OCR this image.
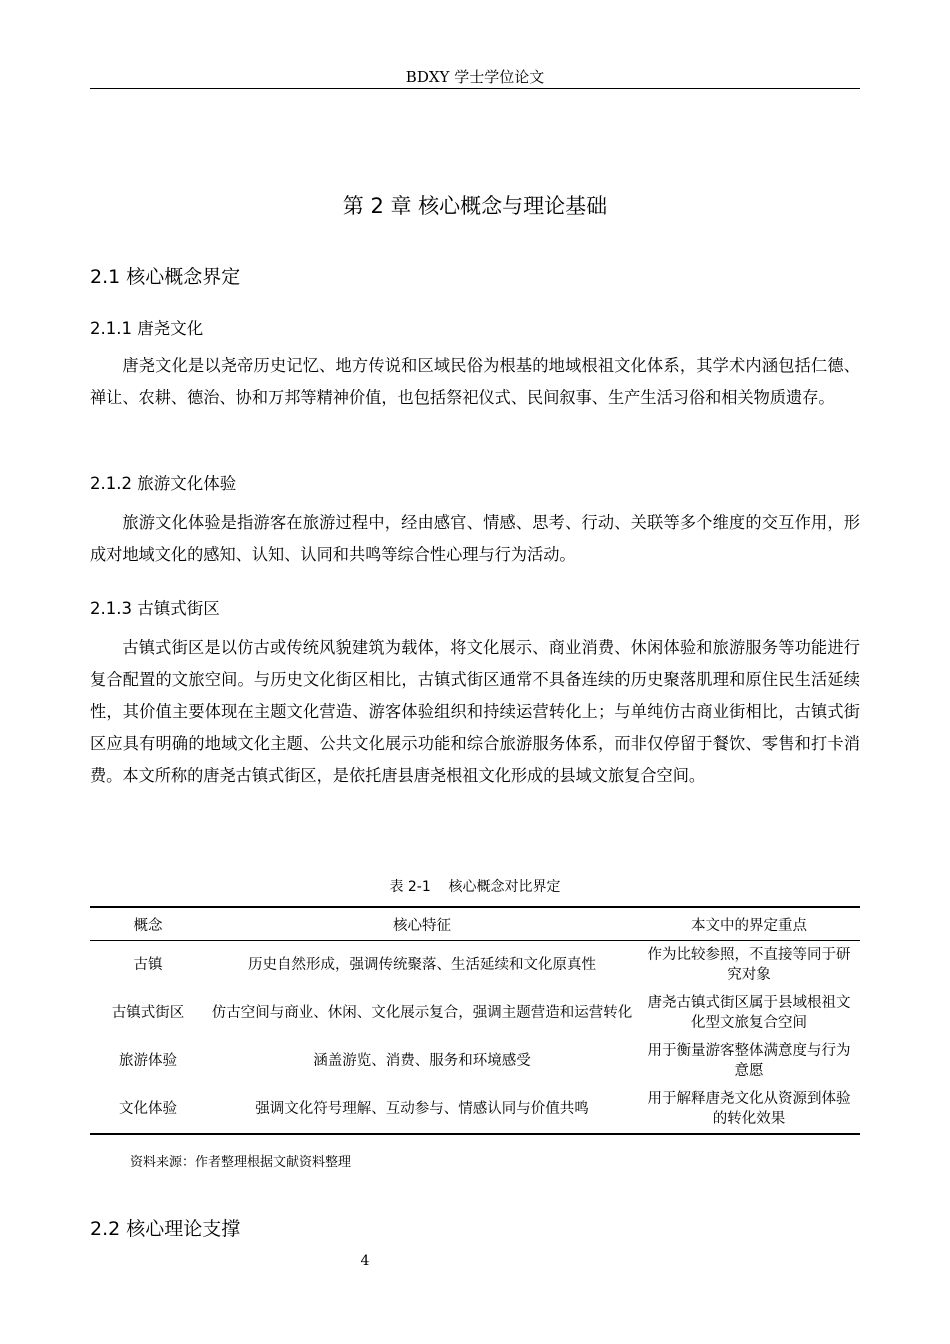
BDXY 学士学位论文
第 2 章 核心概念与理论基础
2.1 核心概念界定
2.1.1 唐尧文化

唐尧文化是以尧帝历史记忆、地方传说和区域民俗为根基的地域根祖文化体系，其学术内涵包括仁德、禅让、农耕、德治、协和万邦等精神价值，也包括祭祀仪式、民间叙事、生产生活习俗和相关物质遗存。

2.1.2 旅游文化体验

旅游文化体验是指游客在旅游过程中，经由感官、情感、思考、行动、关联等多个维度的交互作用，形成对地域文化的感知、认知、认同和共鸣等综合性心理与行为活动。

2.1.3 古镇式街区

古镇式街区是以仿古或传统风貌建筑为载体，将文化展示、商业消费、休闲体验和旅游服务等功能进行复合配置的文旅空间。与历史文化街区相比，古镇式街区通常不具备连续的历史聚落肌理和原住民生活延续性，其价值主要体现在主题文化营造、游客体验组织和持续运营转化上；与单纯仿古商业街相比，古镇式街区应具有明确的地域文化主题、公共文化展示功能和综合旅游服务体系，而非仅停留于餐饮、零售和打卡消费。本文所称的唐尧古镇式街区，是依托唐县唐尧根祖文化形成的县域文旅复合空间。

表 2-1    核心概念对比界定
概念	核心特征	本文中的界定重点
古镇	历史自然形成，强调传统聚落、生活延续和文化原真性	作为比较参照，不直接等同于研究对象
古镇式街区	仿古空间与商业、休闲、文化展示复合，强调主题营造和运营转化	唐尧古镇式街区属于县域根祖文化型文旅复合空间
旅游体验	涵盖游览、消费、服务和环境感受	用于衡量游客整体满意度与行为意愿
文化体验	强调文化符号理解、互动参与、情感认同与价值共鸣	用于解释唐尧文化从资源到体验的转化效果
资料来源：作者整理根据文献资料整理
2.2 核心理论支撑
4
